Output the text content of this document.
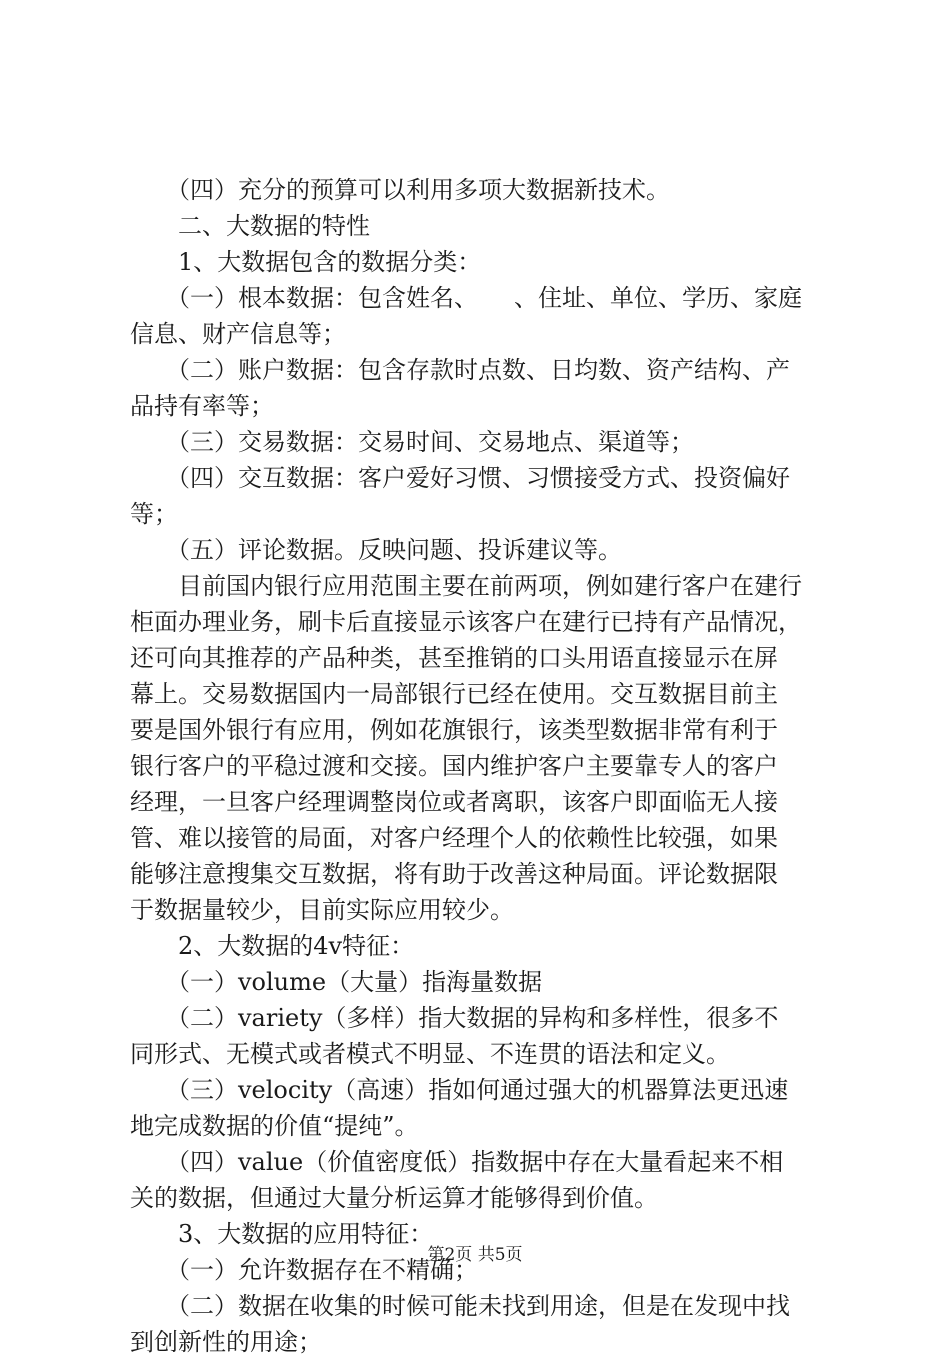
　　（四）充分的预算可以利用多项大数据新技术。
　　二、大数据的特性
　　1、大数据包含的数据分类：
　　（一）根本数据：包含姓名、　　、住址、单位、学历、家庭
信息、财产信息等；
　　（二）账户数据：包含存款时点数、日均数、资产结构、产
品持有率等；
　　（三）交易数据：交易时间、交易地点、渠道等；
　　（四）交互数据：客户爱好习惯、习惯接受方式、投资偏好
等；
　　（五）评论数据。反映问题、投诉建议等。
　　目前国内银行应用范围主要在前两项，例如建行客户在建行
柜面办理业务，刷卡后直接显示该客户在建行已持有产品情况，
还可向其推荐的产品种类，甚至推销的口头用语直接显示在屏
幕上。交易数据国内一局部银行已经在使用。交互数据目前主
要是国外银行有应用，例如花旗银行，该类型数据非常有利于
银行客户的平稳过渡和交接。国内维护客户主要靠专人的客户
经理，一旦客户经理调整岗位或者离职，该客户即面临无人接
管、难以接管的局面，对客户经理个人的依赖性比较强，如果
能够注意搜集交互数据，将有助于改善这种局面。评论数据限
于数据量较少，目前实际应用较少。
　　2、大数据的4v特征：
　　（一）volume（大量）指海量数据
　　（二）variety（多样）指大数据的异构和多样性，很多不
同形式、无模式或者模式不明显、不连贯的语法和定义。
　　（三）velocity（高速）指如何通过强大的机器算法更迅速
地完成数据的价值“提纯”。
　　（四）value（价值密度低）指数据中存在大量看起来不相
关的数据，但通过大量分析运算才能够得到价值。
　　3、大数据的应用特征：
　　（一）允许数据存在不精确；
　　（二）数据在收集的时候可能未找到用途，但是在发现中找
到创新性的用途；
第2页 共5页
